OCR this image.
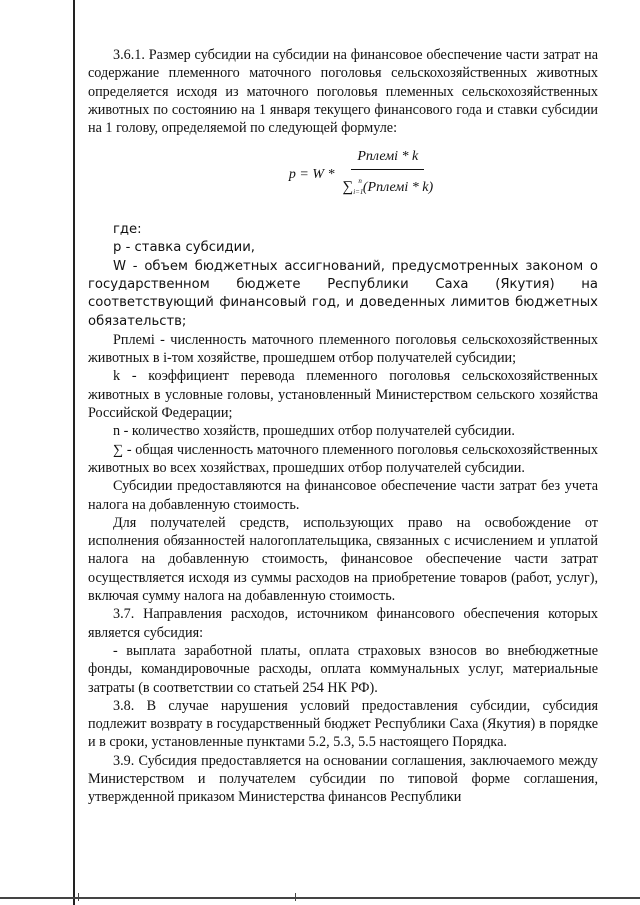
3.6.1. Размер субсидии на субсидии на финансовое обеспечение части затрат на содержание племенного маточного поголовья сельскохозяйственных животных определяется исходя из маточного поголовья племенных сельскохозяйственных животных по состоянию на 1 января текущего финансового года и ставки субсидии на 1 голову, определяемой по следующей формуле:

$p = W * \frac{\text{Pплемi * k}}{\text{∑i=1n(Pплемi * k)}}$

где:

p - ставка субсидии,

W - объем бюджетных ассигнований, предусмотренных законом о государственном бюджете Республики Саха (Якутия) на соответствующий финансовый год, и доведенных лимитов бюджетных обязательств;

Pплемi - численность маточного племенного поголовья сельскохозяйственных животных в i-том хозяйстве, прошедшем отбор получателей субсидии;

k - коэффициент перевода племенного поголовья сельскохозяйственных животных в условные головы, установленный Министерством сельского хозяйства Российской Федерации;

n - количество хозяйств, прошедших отбор получателей субсидии.

∑ - общая численность маточного племенного поголовья сельскохозяйственных животных во всех хозяйствах, прошедших отбор получателей субсидии.

Субсидии предоставляются на финансовое обеспечение части затрат без учета налога на добавленную стоимость.

Для получателей средств, использующих право на освобождение от исполнения обязанностей налогоплательщика, связанных с исчислением и уплатой налога на добавленную стоимость, финансовое обеспечение части затрат осуществляется исходя из суммы расходов на приобретение товаров (работ, услуг), включая сумму налога на добавленную стоимость.

3.7. Направления расходов, источником финансового обеспечения которых является субсидия:

- выплата заработной платы, оплата страховых взносов во внебюджетные фонды, командировочные расходы, оплата коммунальных услуг, материальные затраты (в соответствии со статьей 254 НК РФ).

3.8. В случае нарушения условий предоставления субсидии, субсидия подлежит возврату в государственный бюджет Республики Саха (Якутия) в порядке и в сроки, установленные пунктами 5.2, 5.3, 5.5 настоящего Порядка.

3.9. Субсидия предоставляется на основании соглашения, заключаемого между Министерством и получателем субсидии по типовой форме соглашения, утвержденной приказом Министерства финансов Республики
